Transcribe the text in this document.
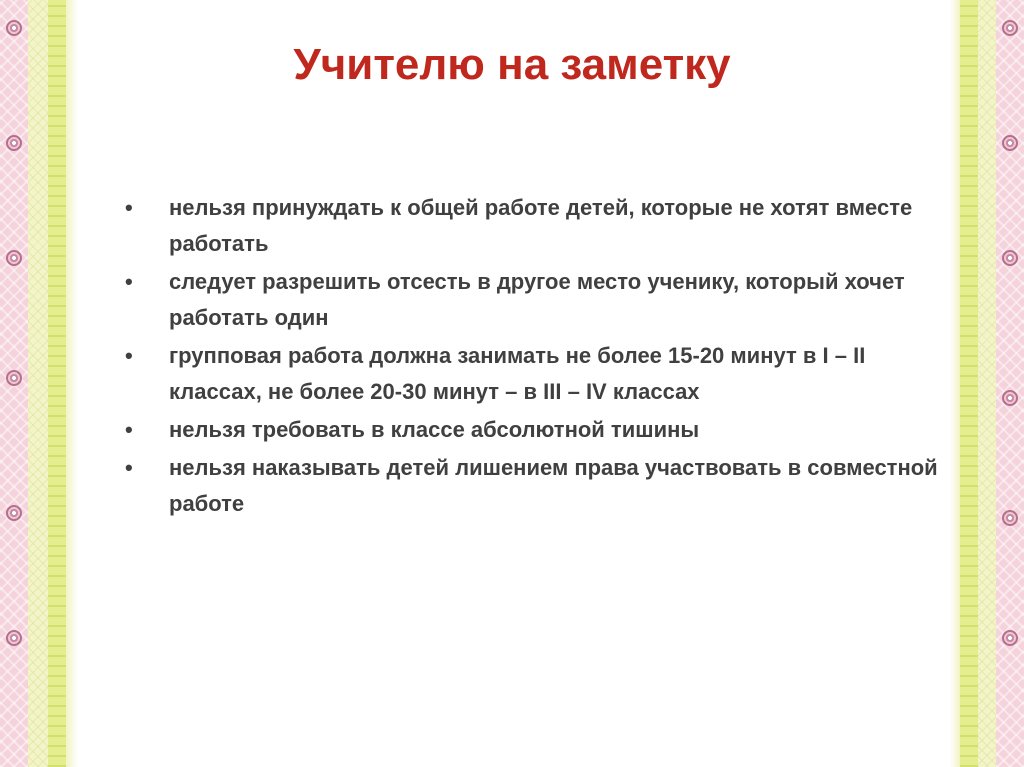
Учителю на заметку
•	нельзя принуждать к общей работе детей, которые не хотят вместе работать
•	следует разрешить отсесть в другое место ученику, который хочет работать один
•	групповая работа должна занимать не более 15-20 минут в I – II классах, не более 20-30 минут – в III – IV классах
•	нельзя требовать в классе абсолютной тишины
•	нельзя наказывать детей лишением права участвовать в совместной работе
